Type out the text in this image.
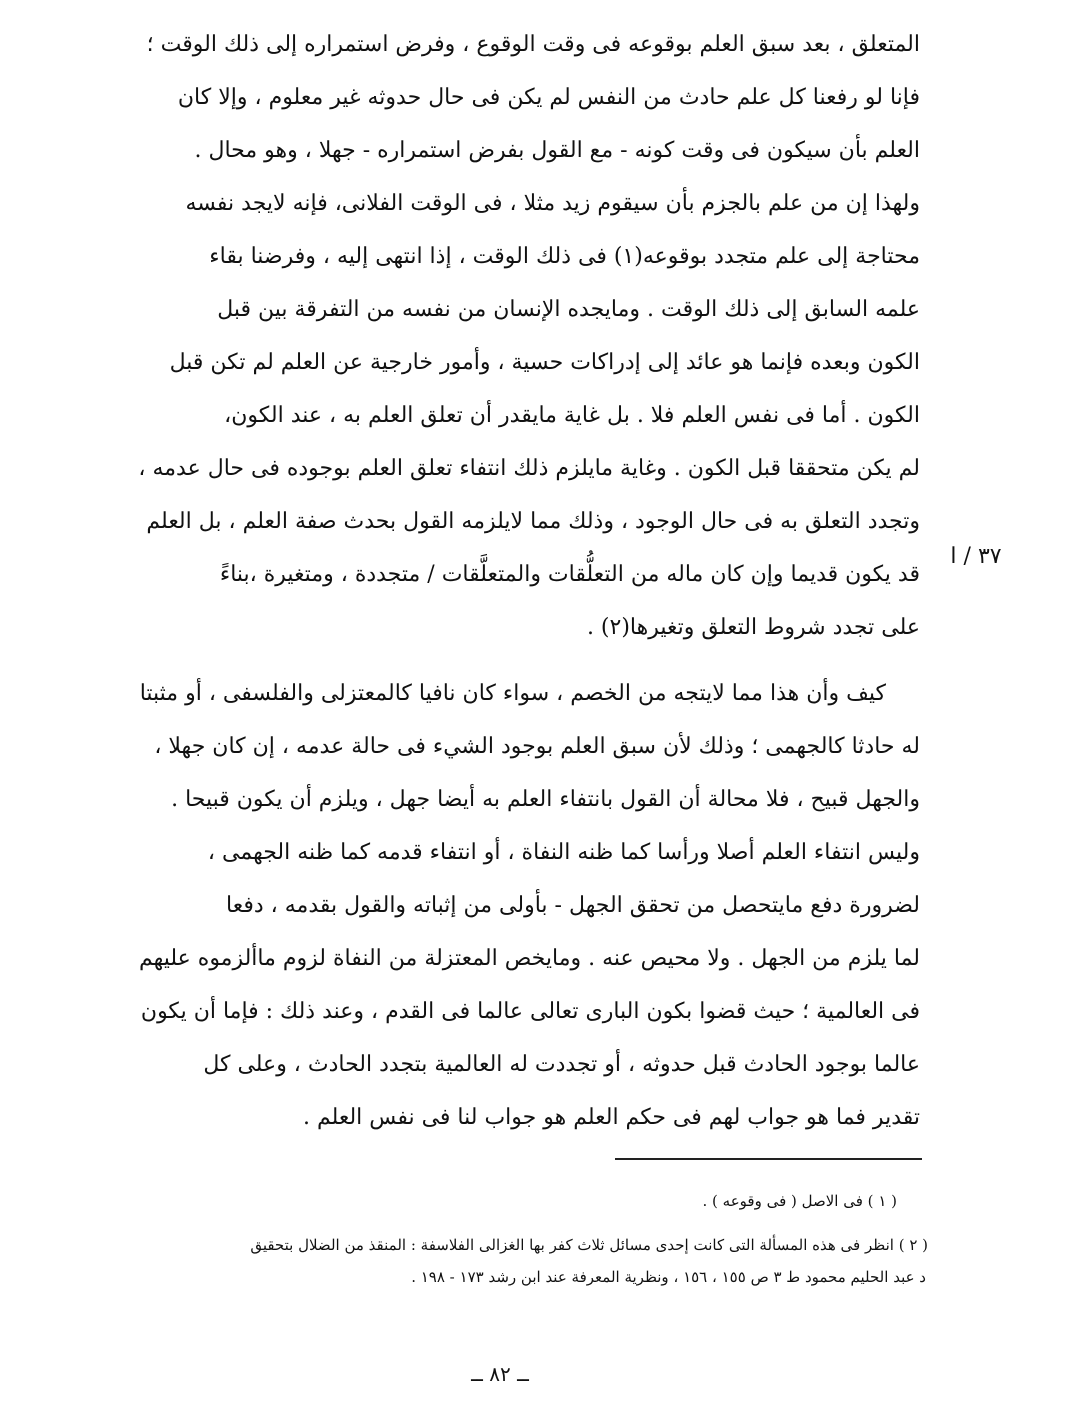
المتعلق ، بعد سبق العلم بوقوعه فى وقت الوقوع ، وفرض استمراره إلى ذلك الوقت ؛
فإنا لو رفعنا كل علم حادث من النفس لم يكن فى حال حدوثه غير معلوم ، وإلا كان
العلم بأن سيكون فى وقت كونه - مع القول بفرض استمراره - جهلا ، وهو محال .
ولهذا إن من علم بالجزم بأن سيقوم زيد مثلا ، فى الوقت الفلانى، فإنه لايجد نفسه
محتاجة إلى علم متجدد بوقوعه(١) فى ذلك الوقت ، إذا انتهى إليه ، وفرضنا بقاء
علمه السابق إلى ذلك الوقت . ومايجده الإنسان من نفسه من التفرقة بين قبل
الكون وبعده فإنما هو عائد إلى إدراكات حسية ، وأمور خارجية عن العلم لم تكن قبل
الكون . أما فى نفس العلم فلا . بل غاية مايقدر أن تعلق العلم به ، عند الكون،
لم يكن متحققا قبل الكون . وغاية مايلزم ذلك انتفاء تعلق العلم بوجوده فى حال عدمه ،
وتجدد التعلق به فى حال الوجود ، وذلك مما لايلزمه القول بحدث صفة العلم ، بل العلم
قد يكون قديما وإن كان ماله من التعلُّقات والمتعلَّقات / متجددة ، ومتغيرة ،بناءً
على تجدد شروط التعلق وتغيرها(٢) .
٣٧ / ا
كيف وأن هذا مما لايتجه من الخصم ، سواء كان نافيا كالمعتزلى والفلسفى ، أو مثبتا
له حادثا كالجهمى ؛ وذلك لأن سبق العلم بوجود الشيء فى حالة عدمه ، إن كان جهلا ،
والجهل قبيح ، فلا محالة أن القول بانتفاء العلم به أيضا جهل ، ويلزم أن يكون قبيحا .
وليس انتفاء العلم أصلا ورأسا كما ظنه النفاة ، أو انتفاء قدمه كما ظنه الجهمى ،
لضرورة دفع مايتحصل من تحقق الجهل - بأولى من إثباته والقول بقدمه ، دفعا
لما يلزم من الجهل . ولا محيص عنه . ومايخص المعتزلة من النفاة لزوم ماألزموه عليهم
فى العالمية ؛ حيث قضوا بكون البارى تعالى عالما فى القدم ، وعند ذلك : فإما أن يكون
عالما بوجود الحادث قبل حدوثه ، أو تجددت له العالمية بتجدد الحادث ، وعلى كل
تقدير فما هو جواب لهم فى حكم العلم هو جواب لنا فى نفس العلم .
( ١ ) فى الاصل ( فى وقوعه ) .
( ٢ ) انظر فى هذه المسألة التى كانت إحدى مسائل ثلاث كفر بها الغزالى الفلاسفة : المنقذ من الضلال بتحقيق
د عبد الحليم محمود ط ٣ ص ١٥٥ ، ١٥٦ ، ونظرية المعرفة عند ابن رشد ١٧٣ - ١٩٨ .
ــ ٨٢ ــ
